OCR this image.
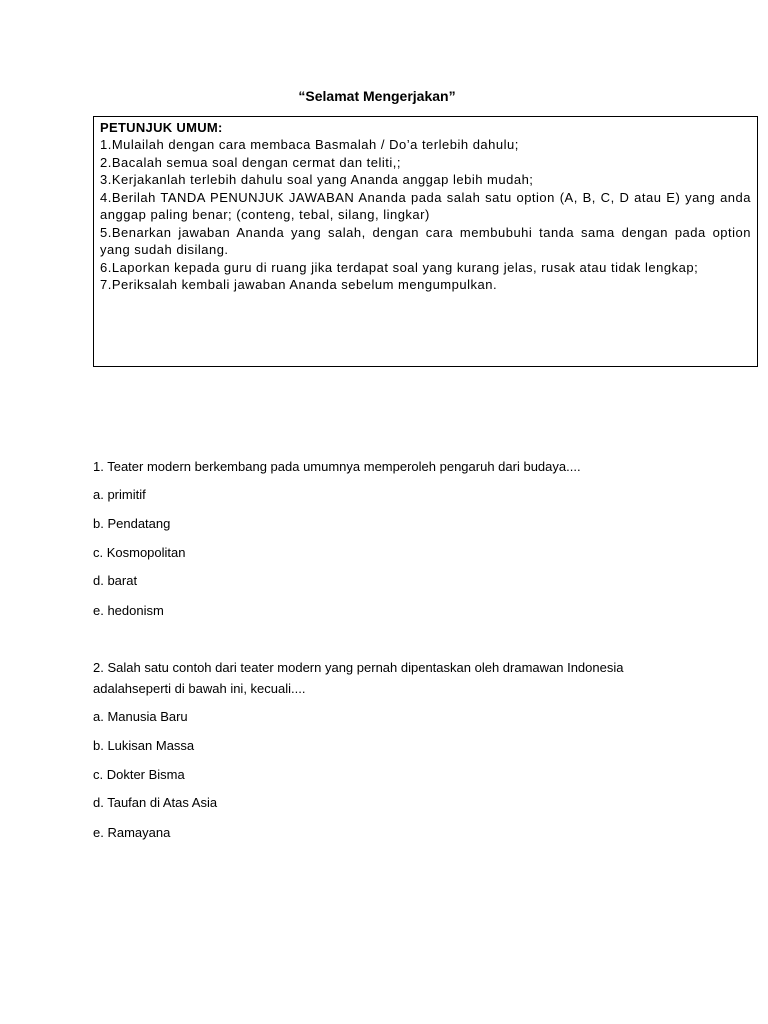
“Selamat Mengerjakan”
PETUNJUK UMUM:

1.Mulailah dengan cara membaca Basmalah / Do’a terlebih dahulu;

2.Bacalah semua soal dengan cermat dan teliti,;

3.Kerjakanlah terlebih dahulu soal yang Ananda anggap lebih mudah;

4.Berilah TANDA PENUNJUK JAWABAN Ananda pada salah satu option (A, B, C, D atau E) yang anda anggap paling benar; (conteng, tebal, silang, lingkar)

5.Benarkan jawaban Ananda yang salah, dengan cara membubuhi tanda sama dengan pada option yang sudah disilang.

6.Laporkan kepada guru di ruang jika terdapat soal yang kurang jelas, rusak atau tidak lengkap;

7.Periksalah kembali jawaban Ananda sebelum mengumpulkan.

1. Teater modern berkembang pada umumnya memperoleh pengaruh dari budaya....
a. primitif
b. Pendatang
c. Kosmopolitan
d. barat
e. hedonism
2. Salah satu contoh dari teater modern yang pernah dipentaskan oleh dramawan Indonesia adalahseperti di bawah ini, kecuali....
a. Manusia Baru
b. Lukisan Massa
c. Dokter Bisma
d. Taufan di Atas Asia
e. Ramayana
